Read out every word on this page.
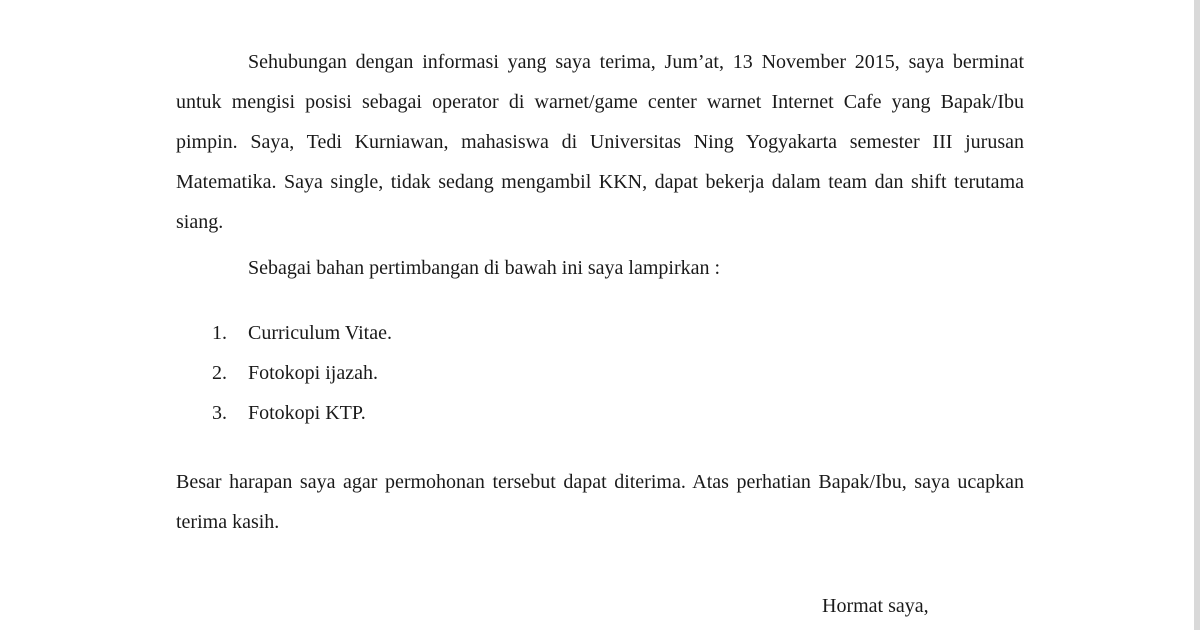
Sehubungan dengan informasi yang saya terima, Jum’at, 13 November 2015, saya berminat untuk mengisi posisi sebagai operator di warnet/game center warnet Internet Cafe yang Bapak/Ibu pimpin. Saya, Tedi Kurniawan, mahasiswa di Universitas Ning Yogyakarta semester III jurusan Matematika. Saya single, tidak sedang mengambil KKN, dapat bekerja dalam team dan shift terutama siang.

Sebagai bahan pertimbangan di bawah ini saya lampirkan :

1. Curriculum Vitae.
2. Fotokopi ijazah.
3. Fotokopi KTP.

Besar harapan saya agar permohonan tersebut dapat diterima. Atas perhatian Bapak/Ibu, saya ucapkan terima kasih.

Hormat saya,
